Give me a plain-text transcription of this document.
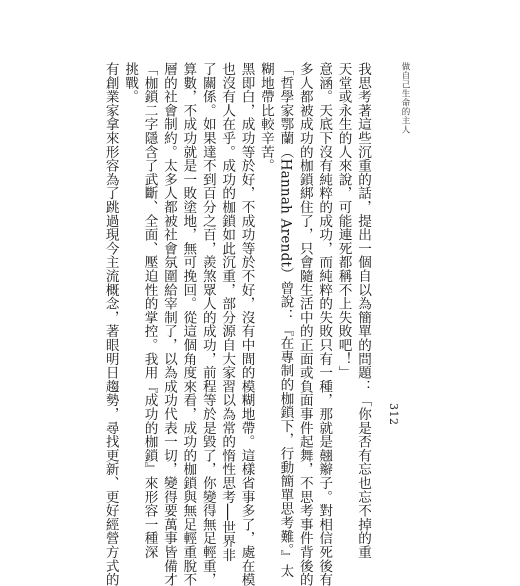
做自己生命的主人
312
我思考著這些沉重的話，提出一個自以為簡單的問題：「你是否有忘也忘不掉的重
天堂或永生的人來說，可能連死都稱不上失敗吧！」
意涵。天底下沒有純粹的成功，而純粹的失敗只有一種，那就是翹辮子。對相信死後有
多人都被成功的枷鎖綁住了，只會隨生活中的正面或負面事件起舞，不思考事件背後的
「哲學家鄂蘭（Hannah Arendt）曾說：『在專制的枷鎖下，行動簡單思考難。』太
糊地帶比較辛苦。
黑即白，成功等於好，不成功等於不好，沒有中間的模糊地帶。這樣省事多了，處在模
也沒有人在乎。成功的枷鎖如此沉重，部分源自大家習以為常的惰性思考──世界非
了關係。如果達不到百分之百，羨煞眾人的成功，前程等於是毀了，你變得無足輕重，
算數，不成功就是一敗塗地，無可挽回。從這個角度來看，成功的枷鎖與無足輕重脫不
層的社會制約。太多人都被社會氛圍給宰制了，以為成功代表一切，變得要萬事皆備才
「枷鎖二字隱含了武斷、全面、壓迫性的掌控。我用『成功的枷鎖』來形容一種深
挑戰。
有創業家拿來形容為了跳過現今主流概念，著眼明日趨勢，尋找更新、更好經營方式的
